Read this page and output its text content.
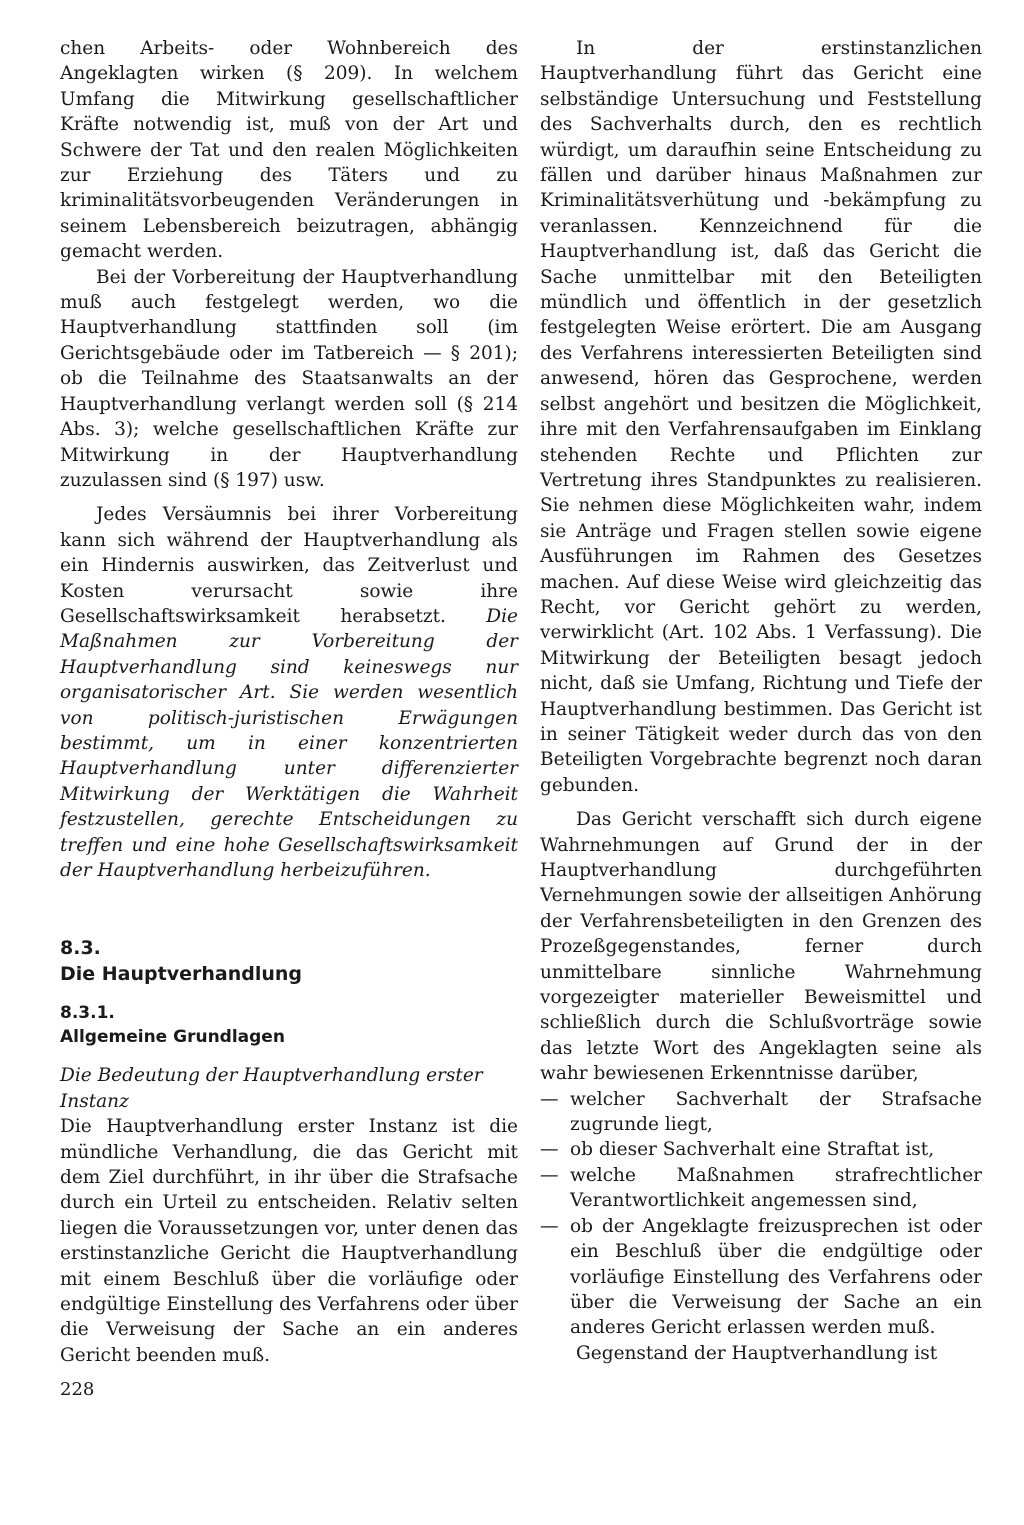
chen Arbeits- oder Wohnbereich des Angeklagten wirken (§ 209). In welchem Umfang die Mitwirkung gesellschaftlicher Kräfte notwendig ist, muß von der Art und Schwere der Tat und den realen Möglichkeiten zur Erziehung des Täters und zu kriminalitätsvorbeugenden Veränderungen in seinem Lebensbereich beizutragen, abhängig gemacht werden.

Bei der Vorbereitung der Hauptverhandlung muß auch festgelegt werden, wo die Hauptverhandlung stattfinden soll (im Gerichtsgebäude oder im Tatbereich — § 201); ob die Teilnahme des Staatsanwalts an der Hauptverhandlung verlangt werden soll (§ 214 Abs. 3); welche gesellschaftlichen Kräfte zur Mitwirkung in der Hauptverhandlung zuzulassen sind (§ 197) usw.

Jedes Versäumnis bei ihrer Vorbereitung kann sich während der Hauptverhandlung als ein Hindernis auswirken, das Zeitverlust und Kosten verursacht sowie ihre Gesellschaftswirksamkeit herabsetzt. Die Maßnahmen zur Vorbereitung der Hauptverhandlung sind keineswegs nur organisatorischer Art. Sie werden wesentlich von politisch-juristischen Erwägungen bestimmt, um in einer konzentrierten Hauptverhandlung unter differenzierter Mitwirkung der Werktätigen die Wahrheit festzustellen, gerechte Entscheidungen zu treffen und eine hohe Gesellschaftswirksamkeit der Hauptverhandlung herbeizuführen.

8.3.
Die Hauptverhandlung
8.3.1.
Allgemeine Grundlagen

Die Bedeutung der Hauptverhandlung erster Instanz

Die Hauptverhandlung erster Instanz ist die mündliche Verhandlung, die das Gericht mit dem Ziel durchführt, in ihr über die Strafsache durch ein Urteil zu entscheiden. Relativ selten liegen die Voraussetzungen vor, unter denen das erstinstanzliche Gericht die Hauptverhandlung mit einem Beschluß über die vorläufige oder endgültige Einstellung des Verfahrens oder über die Verweisung der Sache an ein anderes Gericht beenden muß.

In der erstinstanzlichen Hauptverhandlung führt das Gericht eine selbständige Untersuchung und Feststellung des Sachverhalts durch, den es rechtlich würdigt, um daraufhin seine Entscheidung zu fällen und darüber hinaus Maßnahmen zur Kriminalitätsverhütung und -bekämpfung zu veranlassen. Kennzeichnend für die Hauptverhandlung ist, daß das Gericht die Sache unmittelbar mit den Beteiligten mündlich und öffentlich in der gesetzlich festgelegten Weise erörtert. Die am Ausgang des Verfahrens interessierten Beteiligten sind anwesend, hören das Gesprochene, werden selbst angehört und besitzen die Möglichkeit, ihre mit den Verfahrensaufgaben im Einklang stehenden Rechte und Pflichten zur Vertretung ihres Standpunktes zu realisieren. Sie nehmen diese Möglichkeiten wahr, indem sie Anträge und Fragen stellen sowie eigene Ausführungen im Rahmen des Gesetzes machen. Auf diese Weise wird gleichzeitig das Recht, vor Gericht gehört zu werden, verwirklicht (Art. 102 Abs. 1 Verfassung). Die Mitwirkung der Beteiligten besagt jedoch nicht, daß sie Umfang, Richtung und Tiefe der Hauptverhandlung bestimmen. Das Gericht ist in seiner Tätigkeit weder durch das von den Beteiligten Vorgebrachte begrenzt noch daran gebunden.

Das Gericht verschafft sich durch eigene Wahrnehmungen auf Grund der in der Hauptverhandlung durchgeführten Vernehmungen sowie der allseitigen Anhörung der Verfahrensbeteiligten in den Grenzen des Prozeßgegenstandes, ferner durch unmittelbare sinnliche Wahrnehmung vorgezeigter materieller Beweismittel und schließlich durch die Schlußvorträge sowie das letzte Wort des Angeklagten seine als wahr bewiesenen Erkenntnisse darüber,

— welcher Sachverhalt der Strafsache zugrunde liegt,
— ob dieser Sachverhalt eine Straftat ist,
— welche Maßnahmen strafrechtlicher Verantwortlichkeit angemessen sind,
— ob der Angeklagte freizusprechen ist oder ein Beschluß über die endgültige oder vorläufige Einstellung des Verfahrens oder über die Verweisung der Sache an ein anderes Gericht erlassen werden muß.

Gegenstand der Hauptverhandlung ist

228
